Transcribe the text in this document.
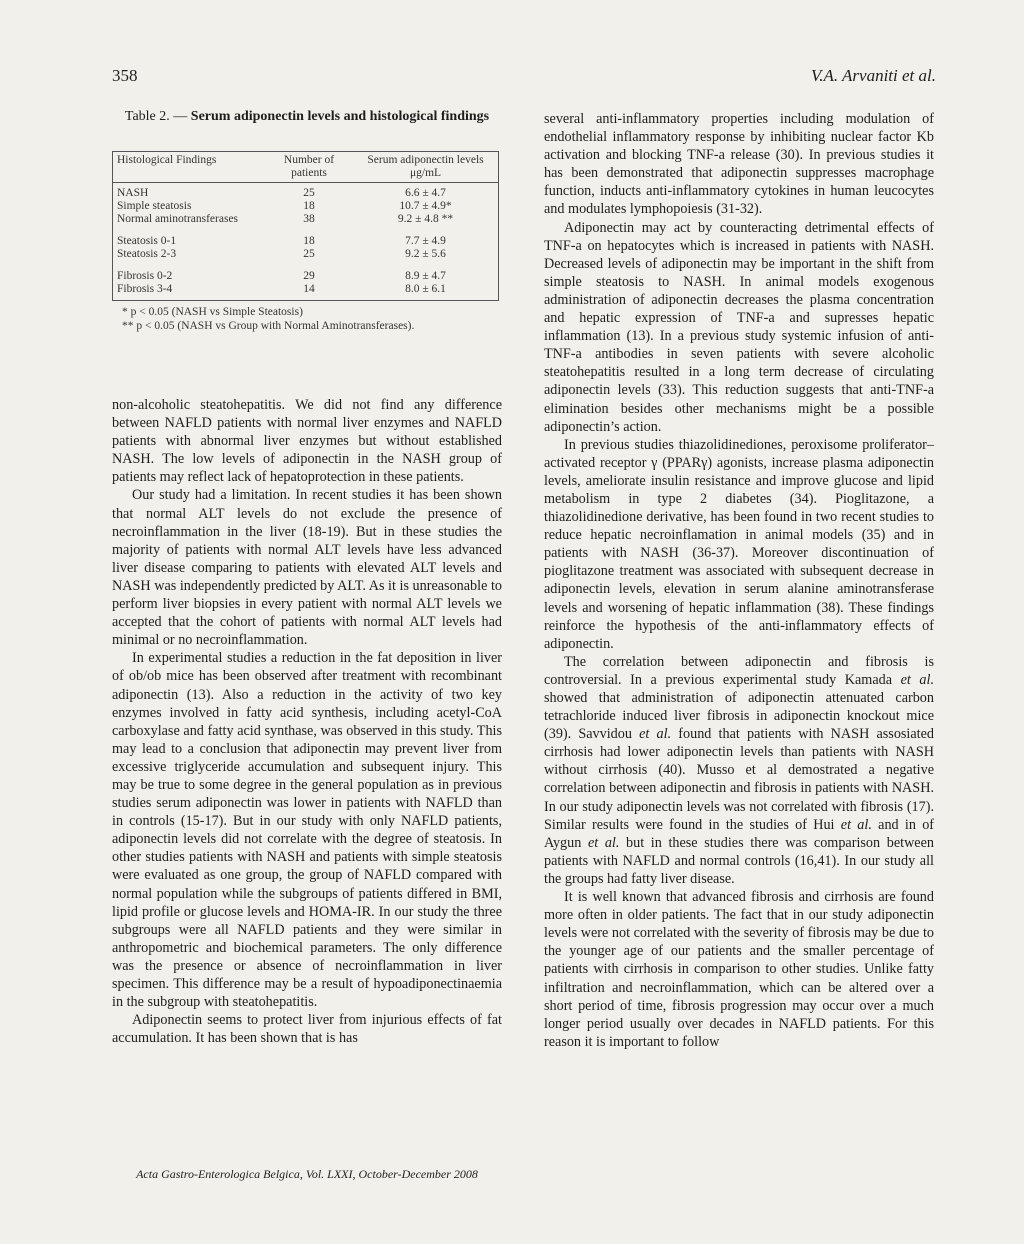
358	V.A. Arvaniti et al.
Table 2. — Serum adiponectin levels and histological findings
Histological Findings	Number of patients	Serum adiponectin levels μg/mL

NASH	25	6.6 ± 4.7
Simple steatosis	18	10.7 ± 4.9*
Normal aminotransferases	38	9.2 ± 4.8 **

Steatosis 0-1	18	7.7 ± 4.9
Steatosis 2-3	25	9.2 ± 5.6

Fibrosis 0-2	29	8.9 ± 4.7
Fibrosis 3-4	14	8.0 ± 6.1
* p < 0.05 (NASH vs Simple Steatosis)
** p < 0.05 (NASH vs Group with Normal Aminotransferases).

non-alcoholic steatohepatitis. We did not find any difference between NAFLD patients with normal liver enzymes and NAFLD patients with abnormal liver enzymes but without established NASH. The low levels of adiponectin in the NASH group of patients may reflect lack of hepatoprotection in these patients.

Our study had a limitation. In recent studies it has been shown that normal ALT levels do not exclude the presence of necroinflammation in the liver (18-19). But in these studies the majority of patients with normal ALT levels have less advanced liver disease comparing to patients with elevated ALT levels and NASH was independently predicted by ALT. As it is unreasonable to perform liver biopsies in every patient with normal ALT levels we accepted that the cohort of patients with normal ALT levels had minimal or no necroinflammation.

In experimental studies a reduction in the fat deposition in liver of ob/ob mice has been observed after treatment with recombinant adiponectin (13). Also a reduction in the activity of two key enzymes involved in fatty acid synthesis, including acetyl-CoA carboxylase and fatty acid synthase, was observed in this study. This may lead to a conclusion that adiponectin may prevent liver from excessive triglyceride accumulation and subsequent injury. This may be true to some degree in the general population as in previous studies serum adiponectin was lower in patients with NAFLD than in controls (15-17). But in our study with only NAFLD patients, adiponectin levels did not correlate with the degree of steatosis. In other studies patients with NASH and patients with simple steatosis were evaluated as one group, the group of NAFLD compared with normal population while the subgroups of patients differed in BMI, lipid profile or glucose levels and HOMA-IR. In our study the three subgroups were all NAFLD patients and they were similar in anthropometric and biochemical parameters. The only difference was the presence or absence of necroinflammation in liver specimen. This difference may be a result of hypoadiponectinaemia in the subgroup with steatohepatitis.

Adiponectin seems to protect liver from injurious effects of fat accumulation. It has been shown that is has

several anti-inflammatory properties including modulation of endothelial inflammatory response by inhibiting nuclear factor Kb activation and blocking TNF-a release (30). In previous studies it has been demonstrated that adiponectin suppresses macrophage function, inducts anti-inflammatory cytokines in human leucocytes and modulates lymphopoiesis (31-32).

Adiponectin may act by counteracting detrimental effects of TNF-a on hepatocytes which is increased in patients with NASH. Decreased levels of adiponectin may be important in the shift from simple steatosis to NASH. In animal models exogenous administration of adiponectin decreases the plasma concentration and hepatic expression of TNF-a and supresses hepatic inflammation (13). In a previous study systemic infusion of anti-TNF-a antibodies in seven patients with severe alcoholic steatohepatitis resulted in a long term decrease of circulating adiponectin levels (33). This reduction suggests that anti-TNF-a elimination besides other mechanisms might be a possible adiponectin’s action.

In previous studies thiazolidinediones, peroxisome proliferator–activated receptor γ (PPARγ) agonists, increase plasma adiponectin levels, ameliorate insulin resistance and improve glucose and lipid metabolism in type 2 diabetes (34). Pioglitazone, a thiazolidinedione derivative, has been found in two recent studies to reduce hepatic necroinflamation in animal models (35) and in patients with NASH (36-37). Moreover discontinuation of pioglitazone treatment was associated with subsequent decrease in adiponectin levels, elevation in serum alanine aminotransferase levels and worsening of hepatic inflammation (38). These findings reinforce the hypothesis of the anti-inflammatory effects of adiponectin.

The correlation between adiponectin and fibrosis is controversial. In a previous experimental study Kamada et al. showed that administration of adiponectin attenuated carbon tetrachloride induced liver fibrosis in adiponectin knockout mice (39). Savvidou et al. found that patients with NASH assosiated cirrhosis had lower adiponectin levels than patients with NASH without cirrhosis (40). Musso et al demostrated a negative correlation between adiponectin and fibrosis in patients with NASH. In our study adiponectin levels was not correlated with fibrosis (17). Similar results were found in the studies of Hui et al. and in of Aygun et al. but in these studies there was comparison between patients with NAFLD and normal controls (16,41). In our study all the groups had fatty liver disease.

It is well known that advanced fibrosis and cirrhosis are found more often in older patients. The fact that in our study adiponectin levels were not correlated with the severity of fibrosis may be due to the younger age of our patients and the smaller percentage of patients with cirrhosis in comparison to other studies. Unlike fatty infiltration and necroinflammation, which can be altered over a short period of time, fibrosis progression may occur over a much longer period usually over decades in NAFLD patients. For this reason it is important to follow

Acta Gastro-Enterologica Belgica, Vol. LXXI, October-December 2008
